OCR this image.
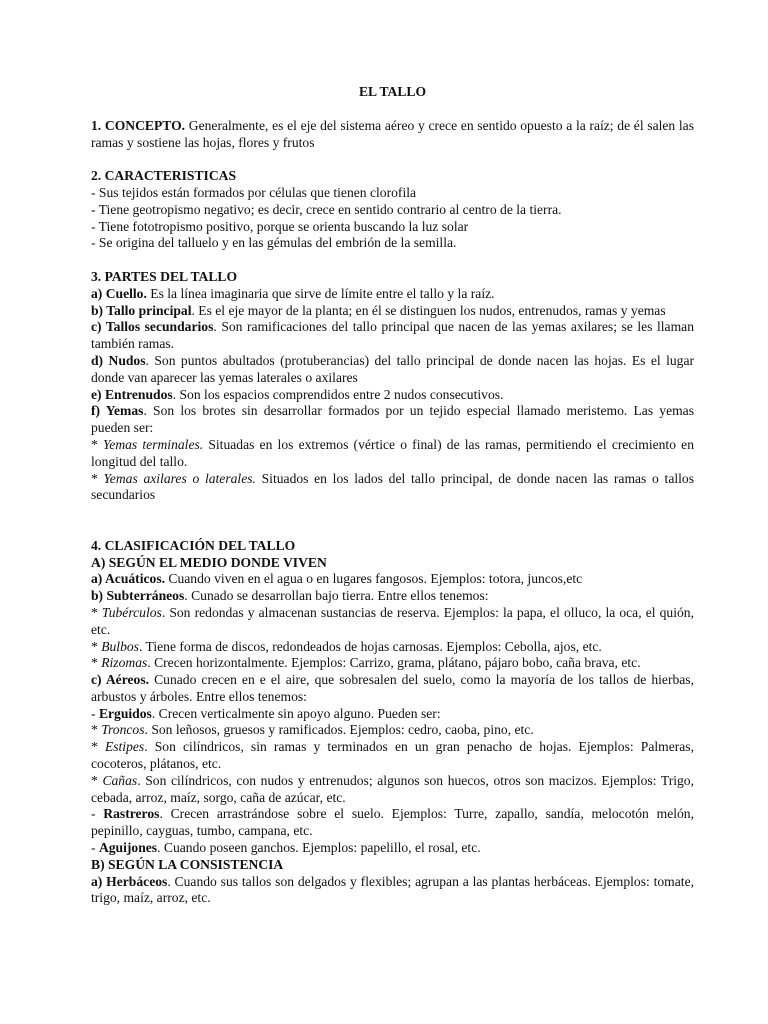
EL TALLO

1. CONCEPTO. Generalmente, es el eje del sistema aéreo y crece en sentido opuesto a la raíz; de él salen las ramas y sostiene las hojas, flores y frutos

2. CARACTERISTICAS

- Sus tejidos están formados por células que tienen clorofila

- Tiene geotropismo negativo; es decir, crece en sentido contrario al centro de la tierra.

- Tiene fototropismo positivo, porque se orienta buscando la luz solar

- Se origina del talluelo y en las gémulas del embrión de la semilla.

3. PARTES DEL TALLO

a) Cuello. Es la línea imaginaria que sirve de límite entre el tallo y la raíz.

b) Tallo principal. Es el eje mayor de la planta; en él se distinguen los nudos, entrenudos, ramas y yemas

c) Tallos secundarios. Son ramificaciones del tallo principal que nacen de las yemas axilares; se les llaman también ramas.

d) Nudos. Son puntos abultados (protuberancias) del tallo principal de donde nacen las hojas. Es el lugar donde van aparecer las yemas laterales o axilares

e) Entrenudos. Son los espacios comprendidos entre 2 nudos consecutivos.

f) Yemas. Son los brotes sin desarrollar formados por un tejido especial llamado meristemo. Las yemas pueden ser:

* Yemas terminales. Situadas en los extremos (vértice o final) de las ramas, permitiendo el crecimiento en longitud del tallo.

* Yemas axilares o laterales. Situados en los lados del tallo principal, de donde nacen las ramas o tallos secundarios

4. CLASIFICACIÓN DEL TALLO

A) SEGÚN EL MEDIO DONDE VIVEN

a) Acuáticos. Cuando viven en el agua o en lugares fangosos. Ejemplos: totora, juncos,etc

b) Subterráneos. Cunado se desarrollan bajo tierra. Entre ellos tenemos:

* Tubérculos. Son redondas y almacenan sustancias de reserva. Ejemplos: la papa, el olluco, la oca, el quión, etc.

* Bulbos. Tiene forma de discos, redondeados de hojas carnosas. Ejemplos: Cebolla, ajos, etc.

* Rizomas. Crecen horizontalmente. Ejemplos: Carrizo, grama, plátano, pájaro bobo, caña brava, etc.

c) Aéreos. Cunado crecen en e el aire, que sobresalen del suelo, como la mayoría de los tallos de hierbas, arbustos y árboles. Entre ellos tenemos:

- Erguidos. Crecen verticalmente sin apoyo alguno. Pueden ser:

* Troncos. Son leñosos, gruesos y ramificados. Ejemplos: cedro, caoba, pino, etc.

* Estipes. Son cilíndricos, sin ramas y terminados en un gran penacho de hojas. Ejemplos: Palmeras, cocoteros, plátanos, etc.

* Cañas. Son cilíndricos, con nudos y entrenudos; algunos son huecos, otros son macizos. Ejemplos: Trigo, cebada, arroz, maíz, sorgo, caña de azúcar, etc.

- Rastreros. Crecen arrastrándose sobre el suelo. Ejemplos: Turre, zapallo, sandía, melocotón melón, pepinillo, cayguas, tumbo, campana, etc.

- Aguijones. Cuando poseen ganchos. Ejemplos: papelillo, el rosal, etc.

B) SEGÚN LA CONSISTENCIA

a) Herbáceos. Cuando sus tallos son delgados y flexibles; agrupan a las plantas herbáceas. Ejemplos: tomate, trigo, maíz, arroz, etc.
